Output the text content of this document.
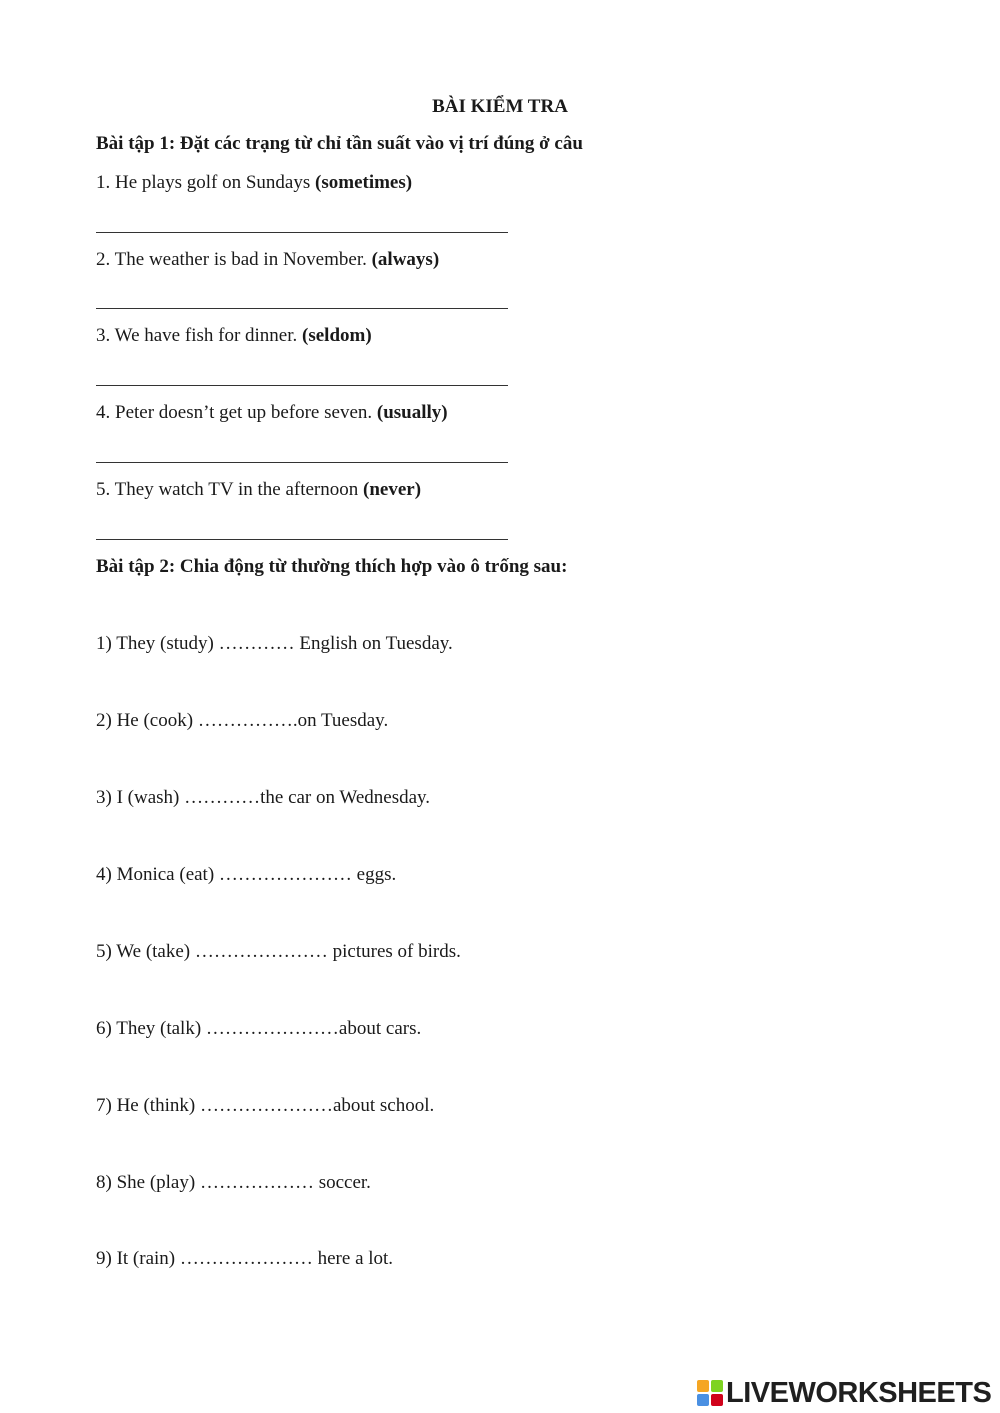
BÀI KIỂM TRA

Bài tập 1: Đặt các trạng từ chỉ tần suất vào vị trí đúng ở câu

1. He plays golf on Sundays (sometimes)
2. The weather is bad in November. (always)
3. We have fish for dinner. (seldom)
4. Peter doesn’t get up before seven. (usually)
5. They watch TV in the afternoon (never)

Bài tập 2: Chia động từ thường thích hợp vào ô trống sau:

1) They (study) ………… English on Tuesday.
2) He (cook) …………….on Tuesday.
3) I (wash) …………the car on Wednesday.
4) Monica (eat) ………………… eggs.
5) We (take) ………………… pictures of birds.
6) They (talk) …………………about cars.
7) He (think) …………………about school.
8) She (play) ……………… soccer.
9) It (rain) ………………… here a lot.
LIVEWORKSHEETS
